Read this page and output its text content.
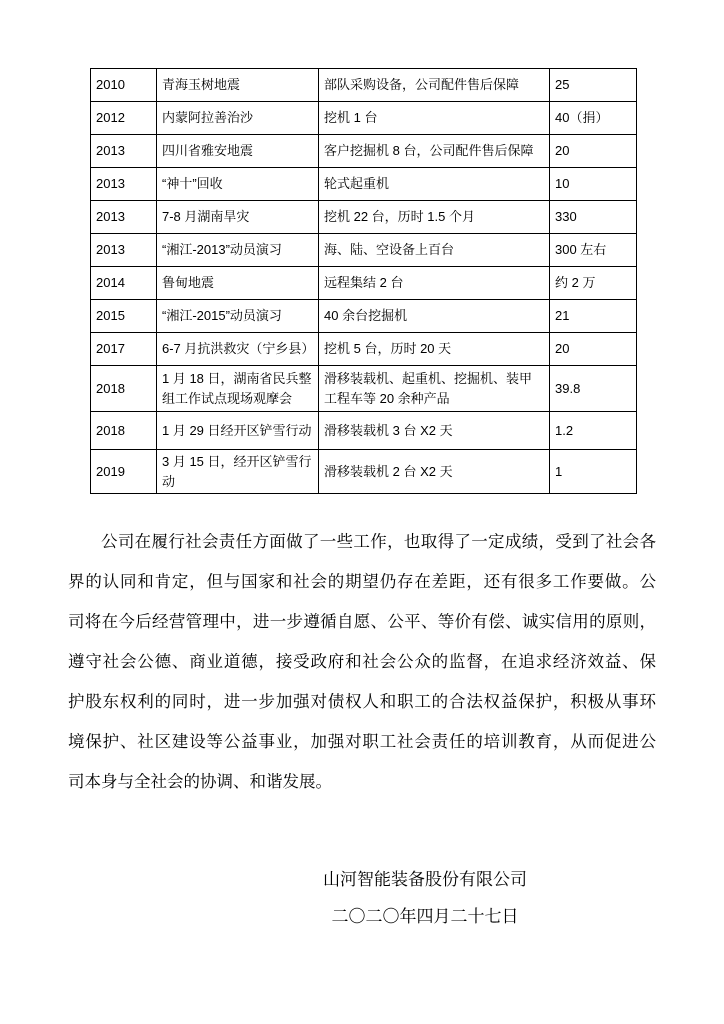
2010	青海玉树地震	部队采购设备，公司配件售后保障	25
2012	内蒙阿拉善治沙	挖机 1 台	40（捐）
2013	四川省雅安地震	客户挖掘机 8 台，公司配件售后保障	20
2013	“神十”回收	轮式起重机	10
2013	7-8 月湖南旱灾	挖机 22 台，历时 1.5 个月	330
2013	“湘江-2013”动员演习	海、陆、空设备上百台	300 左右
2014	鲁甸地震	远程集结 2 台	约 2 万
2015	“湘江-2015”动员演习	40 余台挖掘机	21
2017	6-7 月抗洪救灾（宁乡县）	挖机 5 台，历时 20 天	20
2018	1 月 18 日，湖南省民兵整组工作试点现场观摩会	滑移装载机、起重机、挖掘机、装甲工程车等 20 余种产品	39.8
2018	1 月 29 日经开区铲雪行动	滑移装载机 3 台 X2 天	1.2
2019	3 月 15 日，经开区铲雪行动	滑移装载机 2 台 X2 天	1
公司在履行社会责任方面做了一些工作，也取得了一定成绩，受到了社会各
界的认同和肯定，但与国家和社会的期望仍存在差距，还有很多工作要做。公
司将在今后经营管理中，进一步遵循自愿、公平、等价有偿、诚实信用的原则，
遵守社会公德、商业道德，接受政府和社会公众的监督，在追求经济效益、保
护股东权利的同时，进一步加强对债权人和职工的合法权益保护，积极从事环
境保护、社区建设等公益事业，加强对职工社会责任的培训教育，从而促进公
司本身与全社会的协调、和谐发展。
山河智能装备股份有限公司
二〇二〇年四月二十七日
